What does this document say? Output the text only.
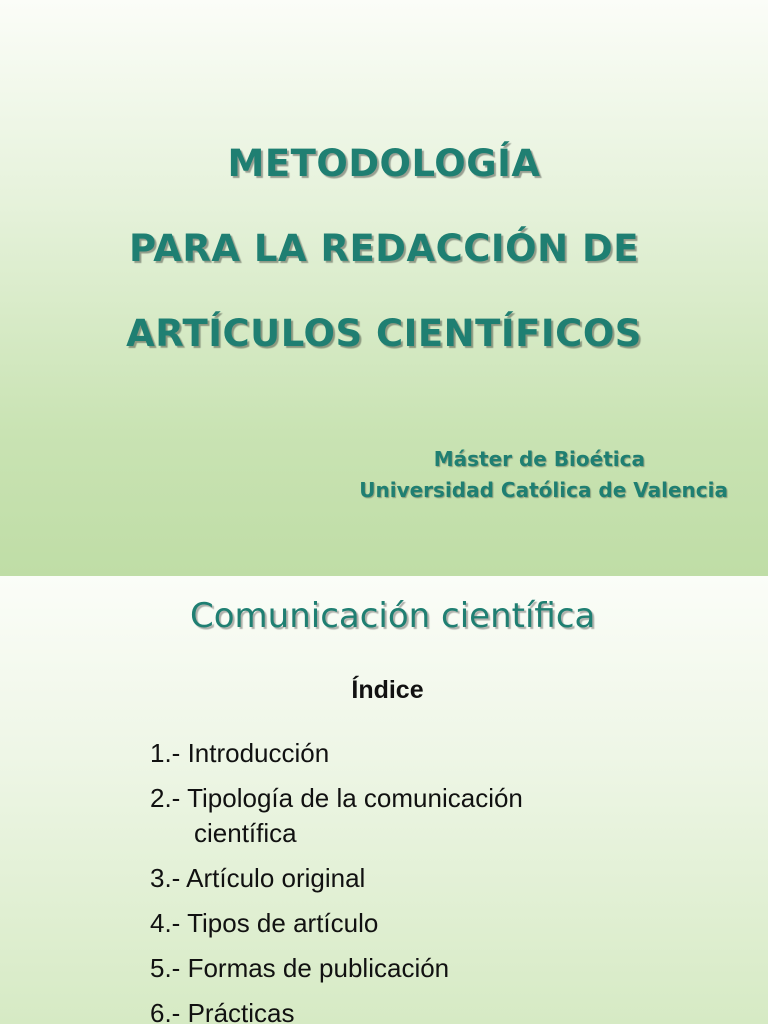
METODOLOGÍA
PARA LA REDACCIÓN DE
ARTÍCULOS CIENTÍFICOS
Máster de Bioética
Universidad Católica de Valencia
Comunicación científica
Índice
1.- Introducción
2.- Tipología de la comunicación
científica
3.- Artículo original
4.- Tipos de artículo
5.- Formas de publicación
6.- Prácticas
